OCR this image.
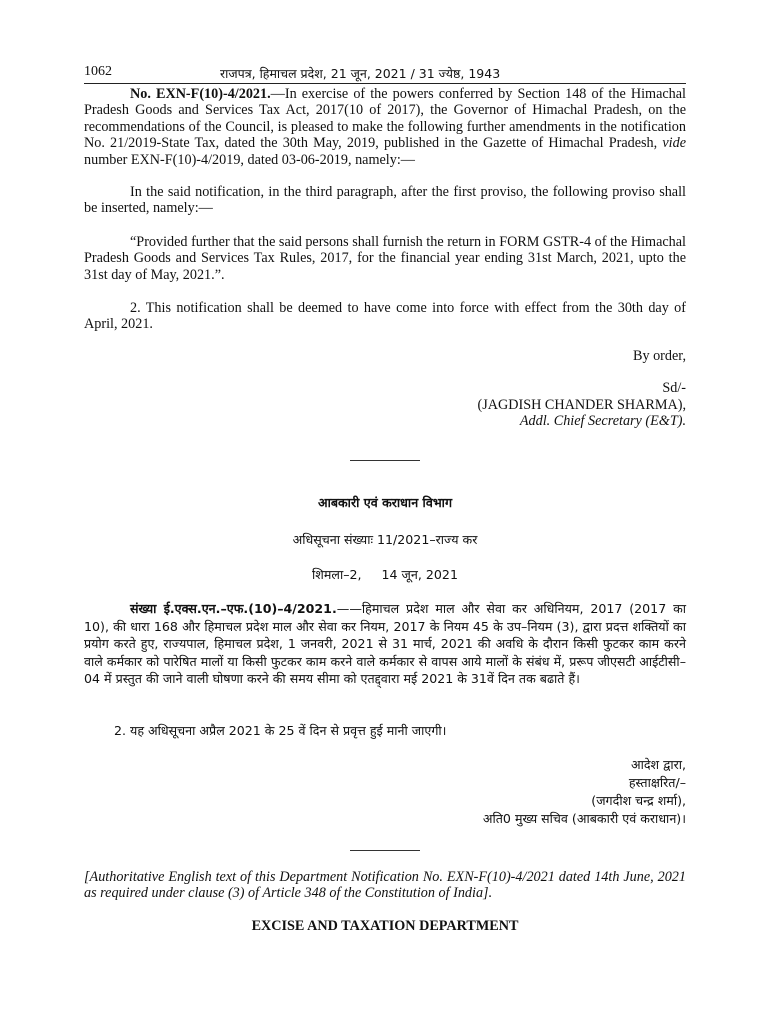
1062	राजपत्र, हिमाचल प्रदेश, 21 जून, 2021 / 31 ज्येष्ठ, 1943
No. EXN-F(10)-4/2021.—In exercise of the powers conferred by Section 148 of the Himachal Pradesh Goods and Services Tax Act, 2017(10 of 2017), the Governor of Himachal Pradesh, on the recommendations of the Council, is pleased to make the following further amendments in the notification No. 21/2019-State Tax, dated the 30th May, 2019, published in the Gazette of Himachal Pradesh, vide number EXN-F(10)-4/2019, dated 03-06-2019, namely:—
In the said notification, in the third paragraph, after the first proviso, the following proviso shall be inserted, namely:—
“Provided further that the said persons shall furnish the return in FORM GSTR-4 of the Himachal Pradesh Goods and Services Tax Rules, 2017, for the financial year ending 31st March, 2021, upto the 31st day of May, 2021.”.
2. This notification shall be deemed to have come into force with effect from the 30th day of April, 2021.
By order,
Sd/-
(JAGDISH CHANDER SHARMA),
Addl. Chief Secretary (E&T).
आबकारी एवं कराधान विभाग
अधिसूचना संख्याः 11/2021–राज्य कर
शिमला–2,     14 जून, 2021
संख्या ई.एक्स.एन.–एफ.(10)–4/2021.——हिमाचल प्रदेश माल और सेवा कर अधिनियम, 2017 (2017 का 10), की धारा 168 और हिमाचल प्रदेश माल और सेवा कर नियम, 2017 के नियम 45 के उप–नियम (3), द्वारा प्रदत्त शक्तियों का प्रयोग करते हुए, राज्यपाल, हिमाचल प्रदेश, 1 जनवरी, 2021 से 31 मार्च, 2021 की अवधि के दौरान किसी फुटकर काम करने वाले कर्मकार को पारेषित मालों या किसी फुटकर काम करने वाले कर्मकार से वापस आये मालों के संबंध में, प्ररूप जीएसटी आईटीसी–04 में प्रस्तुत की जाने वाली घोषणा करने की समय सीमा को एतद्द्वारा मई 2021 के 31वें दिन तक बढाते हैं।
2. यह अधिसूचना अप्रैल 2021 के 25 वें दिन से प्रवृत्त हुई मानी जाएगी।
आदेश द्वारा,
हस्ताक्षरित/–
(जगदीश चन्द्र शर्मा),
अति0 मुख्य सचिव (आबकारी एवं कराधान)।
[Authoritative English text of this Department Notification No. EXN-F(10)-4/2021 dated 14th June, 2021 as required under clause (3) of Article 348 of the Constitution of India].
EXCISE AND TAXATION DEPARTMENT
